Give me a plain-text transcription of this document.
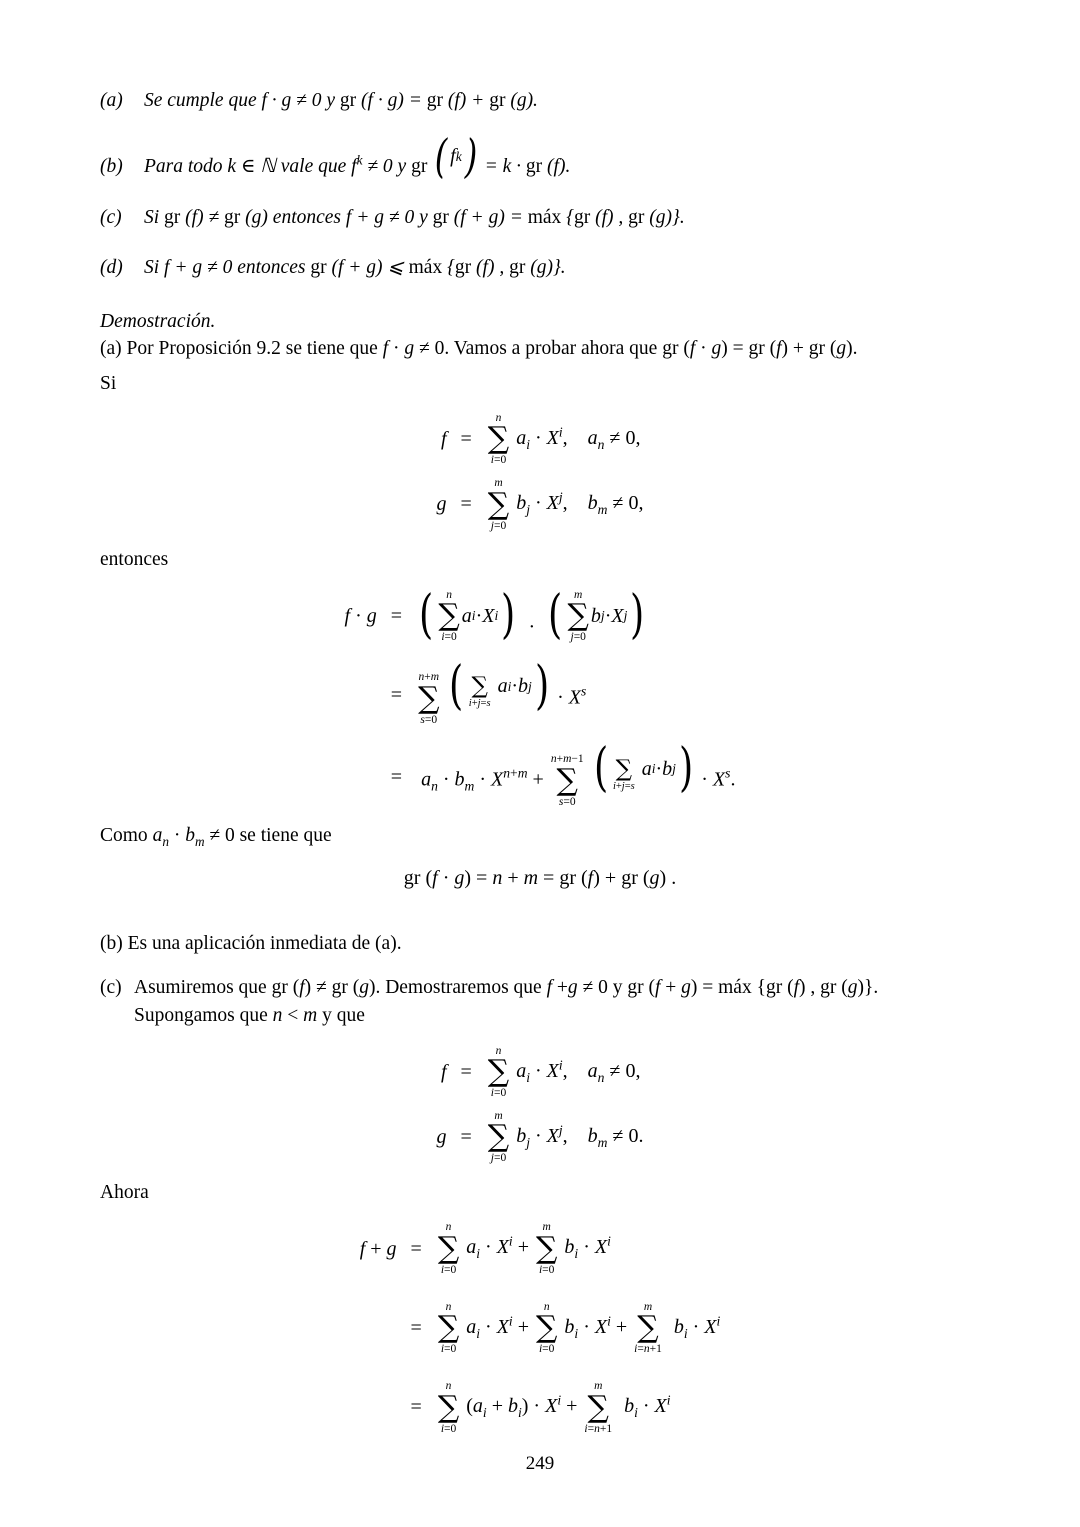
(a)	Se cumple que f · g ≠ 0 y gr (f · g) = gr (f) + gr (g).
(b)	Para todo k ∈ ℕ vale que $f^k \ne 0$ y gr ( f k ) = k · gr (f).
(c)	Si gr (f) ≠ gr (g) entonces f + g ≠ 0 y gr (f + g) = máx {gr (f) , gr (g)}.
(d)	Si f + g ≠ 0 entonces gr (f + g) ⩽ máx {gr (f) , gr (g)}.
Demostración.

(a) Por Proposición 9.2 se tiene que f · g ≠ 0. Vamos a probar ahora que gr (f · g) = gr (f) + gr (g).

Si

f =
n
∑
i=0
$a_i \cdot X^i$,    $a_n \ne 0$,
g =
m
∑
j=0
$b_j \cdot X^j$,    $b_m \ne 0$,

entonces

f · g = ( n
∑
i=0
a i · X i ) · ( m
∑
j=0
b j · X j )
=
n+m
∑
s=0

(
∑
i+j=s

a i · b j ) · $X^s$
= $a_n \cdot b_m \cdot X^{n+m}$ +
n+m−1
∑
s=0

(
∑
i+j=s

a i · b j ) · $X^s$.

Como $a_n \cdot b_m \ne 0$ se tiene que

gr (f · g) = n + m = gr (f) + gr (g) .

(b) Es una aplicación inmediata de (a).

(c) Asumiremos que gr (f) ≠ gr (g). Demostraremos que f +g ≠ 0 y gr (f + g) = máx {gr (f) , gr (g)}.
Supongamos que n < m y que
f =
n
∑
i=0
$a_i \cdot X^i$,    $a_n \ne 0$,
g =
m
∑
j=0
$b_j \cdot X^j$,    $b_m \ne 0$.

Ahora

f + g =
n
∑
i=0
$a_i \cdot X^i$ +
m
∑
i=0
$b_i \cdot X^i$
=
n
∑
i=0
$a_i \cdot X^i$ +
n
∑
i=0
$b_i \cdot X^i$ +
m
∑
i=n+1
$b_i \cdot X^i$
=
n
∑
i=0
$(a_i + b_i) \cdot X^i$ +
m
∑
i=n+1
$b_i \cdot X^i$
249
